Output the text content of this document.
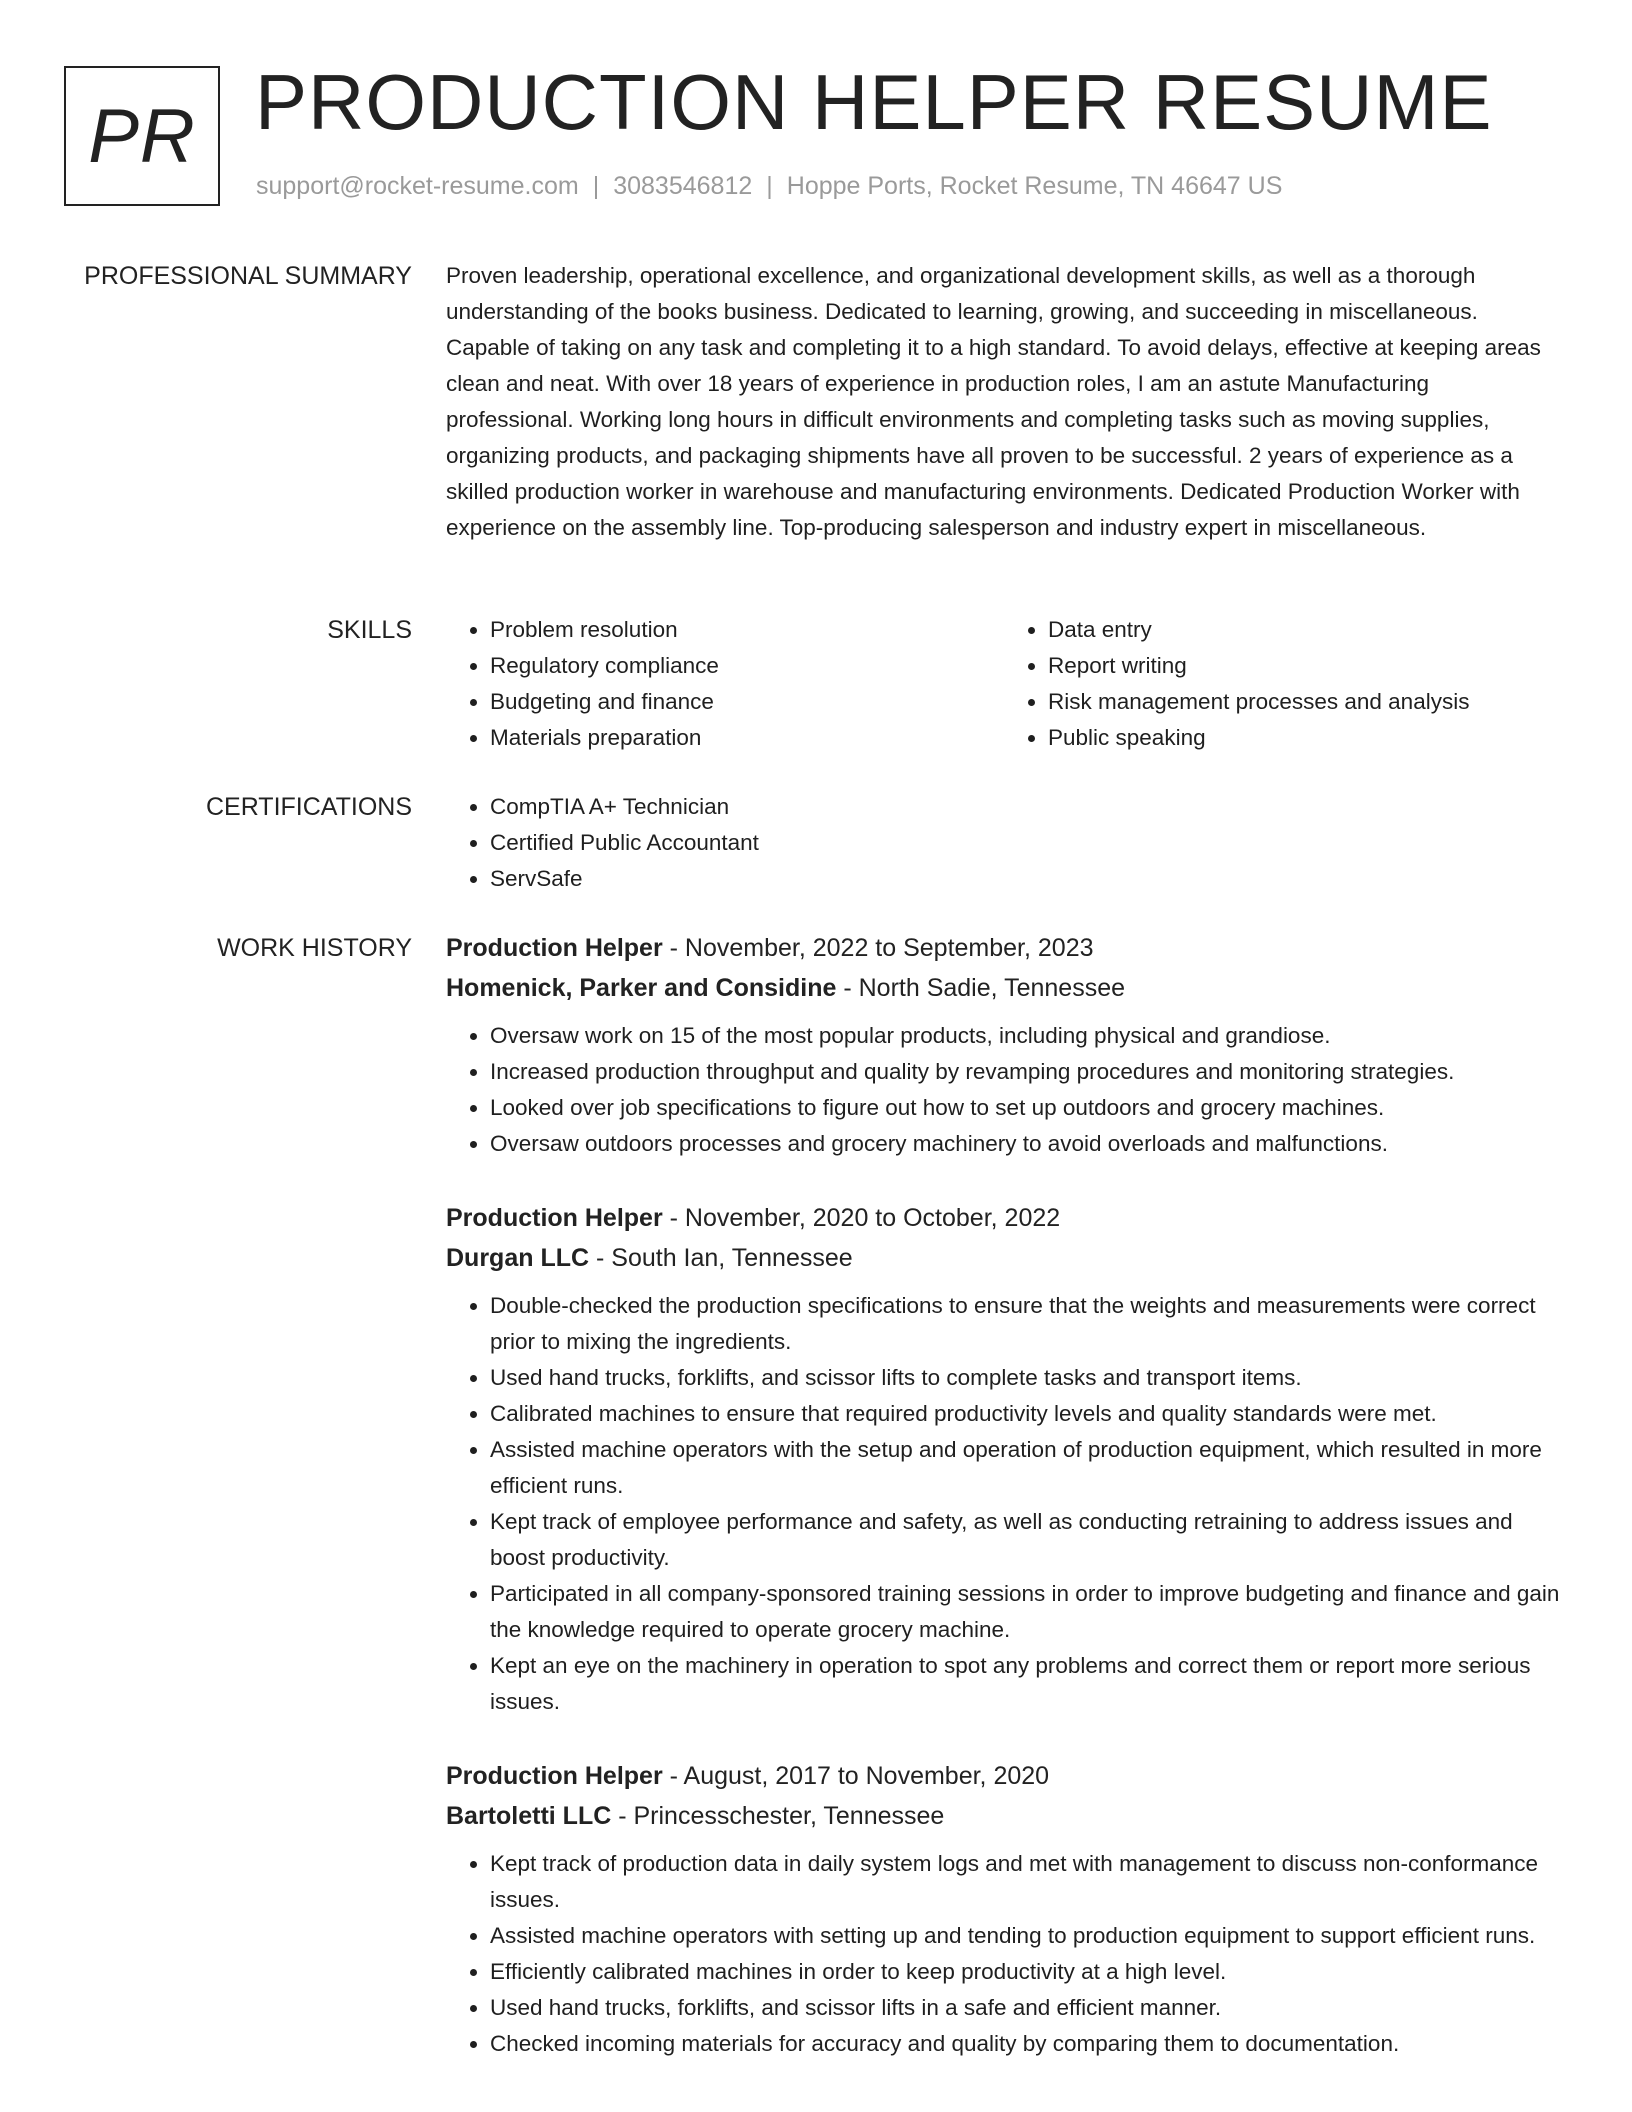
PR PRODUCTION HELPER RESUME
support@rocket-resume.com | 3083546812 | Hoppe Ports, Rocket Resume, TN 46647 US
PROFESSIONAL SUMMARY Proven leadership, operational excellence, and organizational development skills, as well as a thorough understanding of the books business. Dedicated to learning, growing, and succeeding in miscellaneous. Capable of taking on any task and completing it to a high standard. To avoid delays, effective at keeping areas clean and neat. With over 18 years of experience in production roles, I am an astute Manufacturing professional. Working long hours in difficult environments and completing tasks such as moving supplies, organizing products, and packaging shipments have all proven to be successful. 2 years of experience as a skilled production worker in warehouse and manufacturing environments. Dedicated Production Worker with experience on the assembly line. Top-producing salesperson and industry expert in miscellaneous.

SKILLS	• Problem resolution
• Regulatory compliance
• Budgeting and finance
• Materials preparation
• Data entry
• Report writing
• Risk management processes and analysis
• Public speaking
CERTIFICATIONS	• CompTIA A+ Technician
• Certified Public Accountant
• ServSafe
WORK HISTORY Production Helper - November, 2022 to September, 2023
Homenick, Parker and Considine - North Sadie, Tennessee
• Oversaw work on 15 of the most popular products, including physical and grandiose.
• Increased production throughput and quality by revamping procedures and monitoring strategies.
• Looked over job specifications to figure out how to set up outdoors and grocery machines.
• Oversaw outdoors processes and grocery machinery to avoid overloads and malfunctions.
Production Helper - November, 2020 to October, 2022
Durgan LLC - South Ian, Tennessee
• Double-checked the production specifications to ensure that the weights and measurements were correct prior to mixing the ingredients.
• Used hand trucks, forklifts, and scissor lifts to complete tasks and transport items.
• Calibrated machines to ensure that required productivity levels and quality standards were met.
• Assisted machine operators with the setup and operation of production equipment, which resulted in more efficient runs.
• Kept track of employee performance and safety, as well as conducting retraining to address issues and boost productivity.
• Participated in all company-sponsored training sessions in order to improve budgeting and finance and gain the knowledge required to operate grocery machine.
• Kept an eye on the machinery in operation to spot any problems and correct them or report more serious issues.
Production Helper - August, 2017 to November, 2020
Bartoletti LLC - Princesschester, Tennessee
• Kept track of production data in daily system logs and met with management to discuss non-conformance issues.
• Assisted machine operators with setting up and tending to production equipment to support efficient runs.
• Efficiently calibrated machines in order to keep productivity at a high level.
• Used hand trucks, forklifts, and scissor lifts in a safe and efficient manner.
• Checked incoming materials for accuracy and quality by comparing them to documentation.
